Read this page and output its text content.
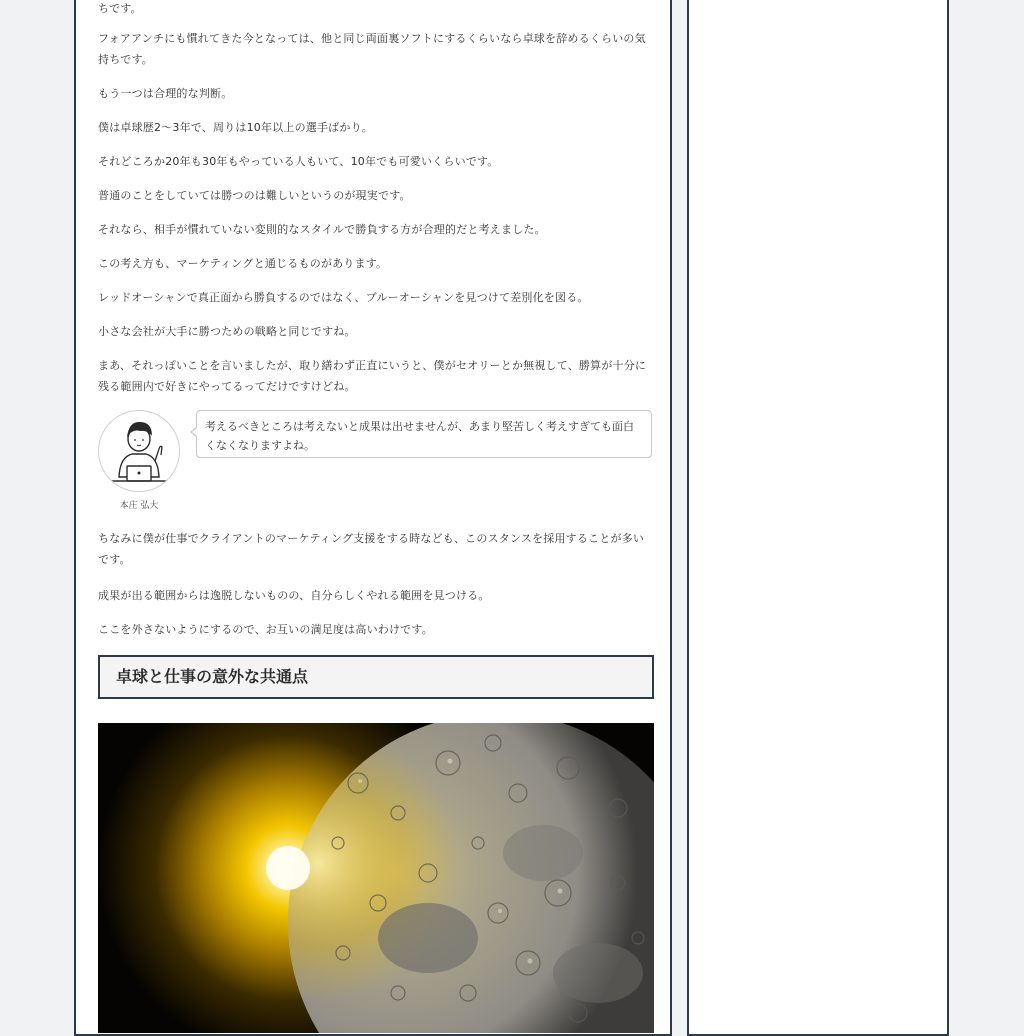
ちです。

フォアアンチにも慣れてきた今となっては、他と同じ両面裏ソフトにするくらいなら卓球を辞めるくらいの気持ちです。

もう一つは合理的な判断。

僕は卓球歴2〜3年で、周りは10年以上の選手ばかり。

それどころか20年も30年もやっている人もいて、10年でも可愛いくらいです。

普通のことをしていては勝つのは難しいというのが現実です。

それなら、相手が慣れていない変則的なスタイルで勝負する方が合理的だと考えました。

この考え方も、マーケティングと通じるものがあります。

レッドオーシャンで真正面から勝負するのではなく、ブルーオーシャンを見つけて差別化を図る。

小さな会社が大手に勝つための戦略と同じですね。

まあ、それっぽいことを言いましたが、取り繕わず正直にいうと、僕がセオリーとか無視して、勝算が十分に残る範囲内で好きにやってるってだけですけどね。

本庄 弘大
考えるべきところは考えないと成果は出せませんが、あまり堅苦しく考えすぎても面白くなくなりますよね。

ちなみに僕が仕事でクライアントのマーケティング支援をする時なども、このスタンスを採用することが多いです。

成果が出る範囲からは逸脱しないものの、自分らしくやれる範囲を見つける。

ここを外さないようにするので、お互いの満足度は高いわけです。

卓球と仕事の意外な共通点
